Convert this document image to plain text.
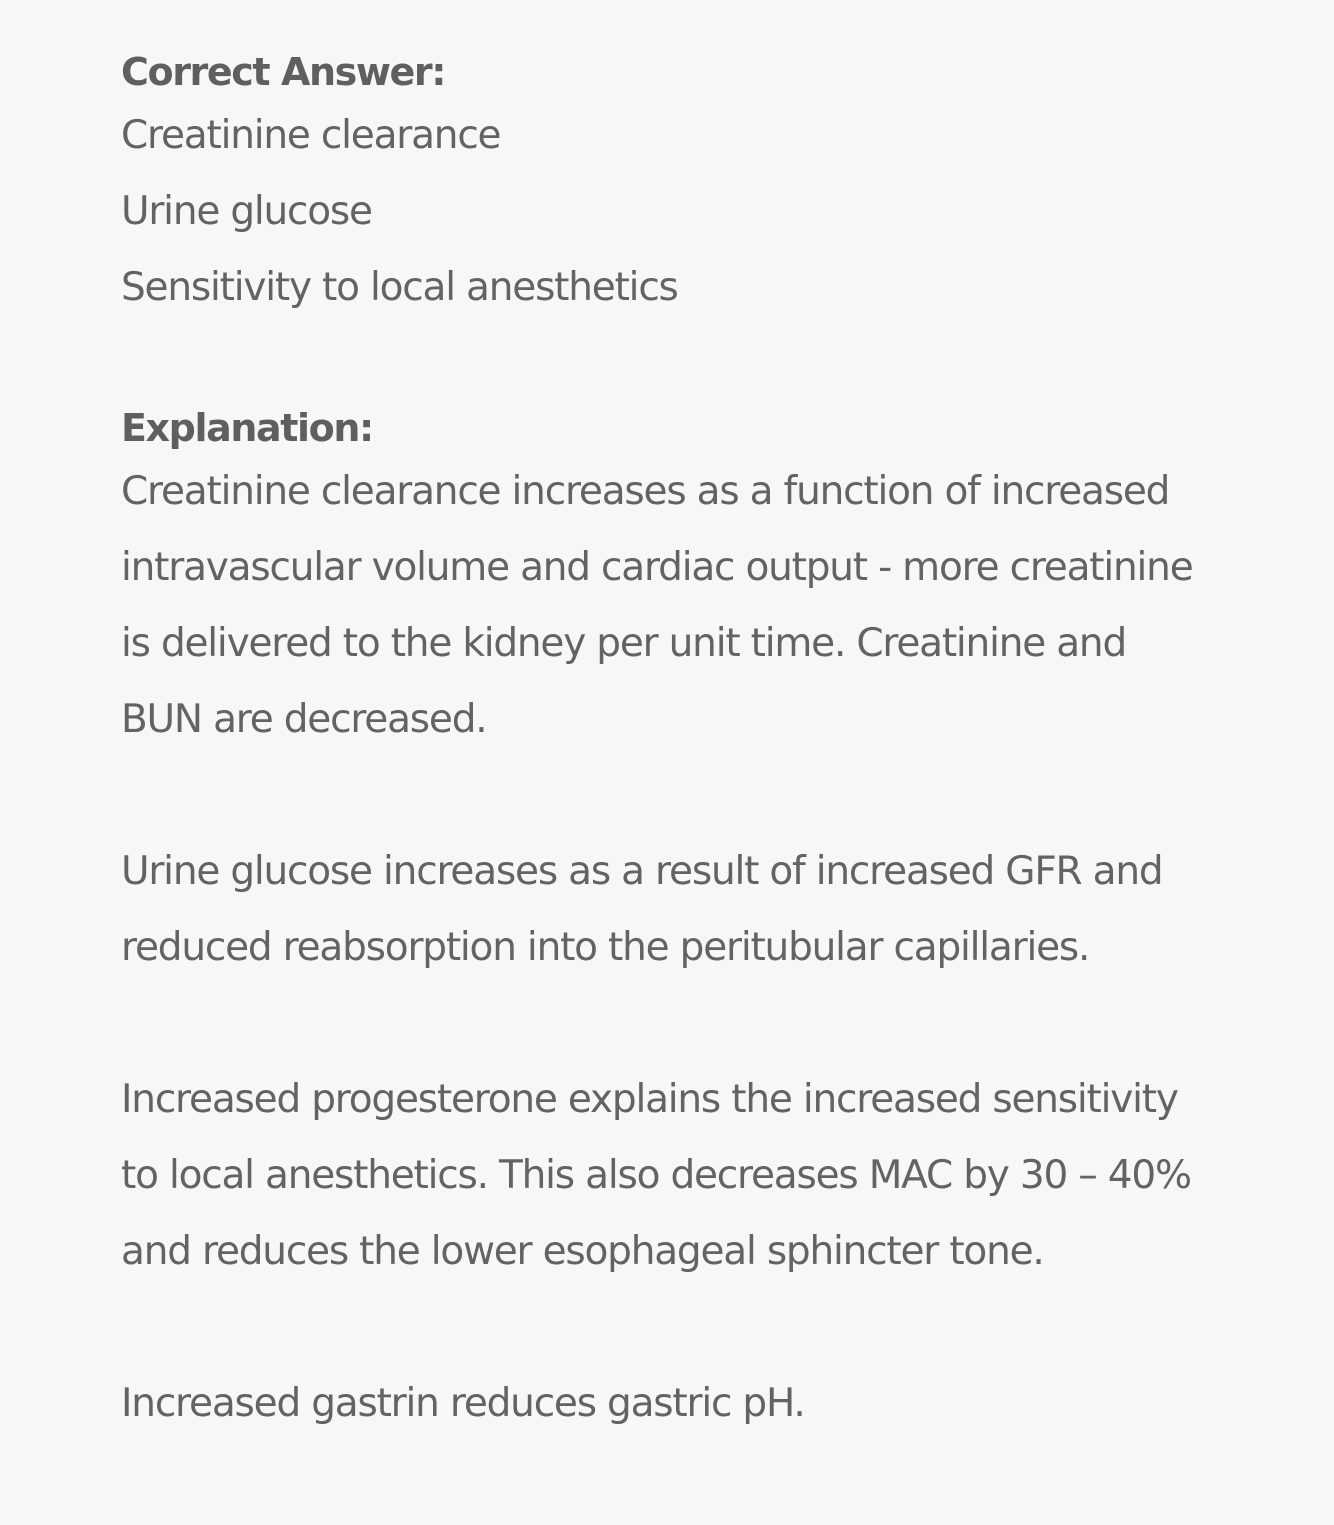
Correct Answer:
Creatinine clearance
Urine glucose
Sensitivity to local anesthetics
Explanation:

Creatinine clearance increases as a function of increased

intravascular volume and cardiac output - more creatinine

is delivered to the kidney per unit time. Creatinine and

BUN are decreased.

Urine glucose increases as a result of increased GFR and

reduced reabsorption into the peritubular capillaries.

Increased progesterone explains the increased sensitivity

to local anesthetics. This also decreases MAC by 30 – 40%

and reduces the lower esophageal sphincter tone.

Increased gastrin reduces gastric pH.
